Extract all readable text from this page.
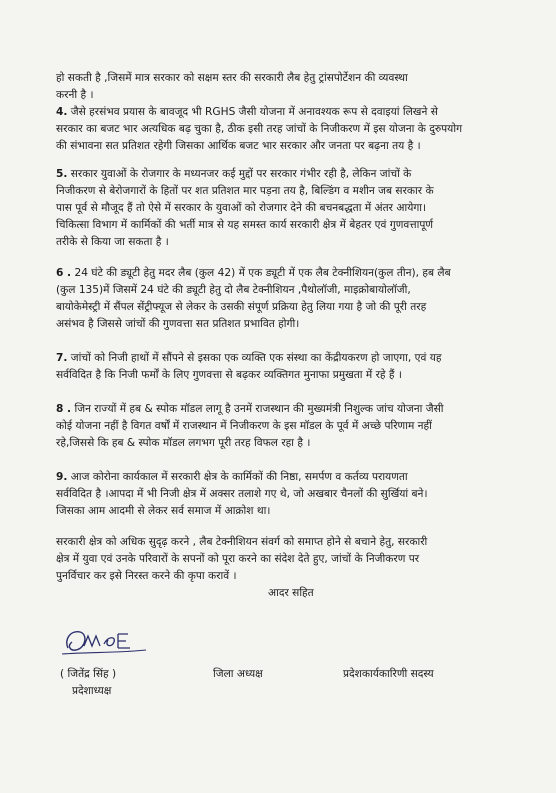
हो सकती है ,जिसमें मात्र सरकार को सक्षम स्तर की सरकारी लैब हेतु ट्रांसपोर्टेशन की व्यवस्था
करनी है ।
4. जैसे हरसंभव प्रयास के बावजूद भी RGHS जैसी योजना में अनावश्यक रूप से दवाइयां लिखने से
सरकार का बजट भार अत्यधिक बढ़ चुका है, ठीक इसी तरह जांचों के निजीकरण में इस योजना के दुरुपयोग
की संभावना सत प्रतिशत रहेगी जिसका आर्थिक बजट भार सरकार और जनता पर बढ़ना तय है ।
5. सरकार युवाओं के रोजगार के मध्यनजर कई मुद्दों पर सरकार गंभीर रही है, लेकिन जांचों के
निजीकरण से बेरोजगारों के हितों पर शत प्रतिशत मार पड़ना तय है, बिल्डिंग व मशीन जब सरकार के
पास पूर्व से मौजूद हैं तो ऐसे में सरकार के युवाओं को रोजगार देने की बचनबद्धता में अंतर आयेगा।
चिकित्सा विभाग में कार्मिकों की भर्ती मात्र से यह समस्त कार्य सरकारी क्षेत्र में बेहतर एवं गुणवत्तापूर्ण
तरीके से किया जा सकता है ।
6 . 24 घंटे की ड्यूटी हेतु मदर लैब (कुल 42) में एक ड्यूटी में एक लैब टेक्नीशियन(कुल तीन), हब लैब
(कुल 135)में जिसमें 24 घंटे की ड्यूटी हेतु दो लैब टेक्नीशियन ,पैथोलॉजी, माइक्रोबायोलॉजी,
बायोकेमेस्ट्री में सैंपल सेंट्रीफ्यूज से लेकर के उसकी संपूर्ण प्रक्रिया हेतु लिया गया है जो की पूरी तरह
असंभव है जिससे जांचों की गुणवत्ता सत प्रतिशत प्रभावित होगी।
7. जांचों को निजी हाथों में सौंपने से इसका एक व्यक्ति एक संस्था का केंद्रीयकरण हो जाएगा, एवं यह
सर्वविदित है कि निजी फर्मों के लिए गुणवत्ता से बढ़कर व्यक्तिगत मुनाफा प्रमुखता में रहे हैं ।
8 . जिन राज्यों में हब & स्पोक मॉडल लागू है उनमें राजस्थान की मुख्यमंत्री निशुल्क जांच योजना जैसी
कोई योजना नहीं है विगत वर्षों में राजस्थान में निजीकरण के इस मॉडल के पूर्व में अच्छे परिणाम नहीं
रहे,जिससे कि हब & स्पोक मॉडल लगभग पूरी तरह विफल रहा है ।
9. आज कोरोना कार्यकाल में सरकारी क्षेत्र के कार्मिकों की निष्ठा, समर्पण व कर्तव्य परायणता
सर्वविदित है ।आपदा में भी निजी क्षेत्र में अक्सर तलाशे गए थे, जो अखबार चैनलों की सुर्खियां बने।
जिसका आम आदमी से लेकर सर्व समाज में आक्रोश था।
सरकारी क्षेत्र को अधिक सुदृढ़ करने , लैब टेक्नीशियन संवर्ग को समाप्त होने से बचाने हेतु, सरकारी
क्षेत्र में युवा एवं उनके परिवारों के सपनों को पूरा करने का संदेश देते हुए, जांचों के निजीकरण पर
पुनर्विचार कर इसे निरस्त करने की कृपा करावें ।
आदर सहित
( जितेंद्र सिंह )
प्रदेशाध्यक्ष
जिला अध्यक्ष	प्रदेशकार्यकारिणी सदस्य
